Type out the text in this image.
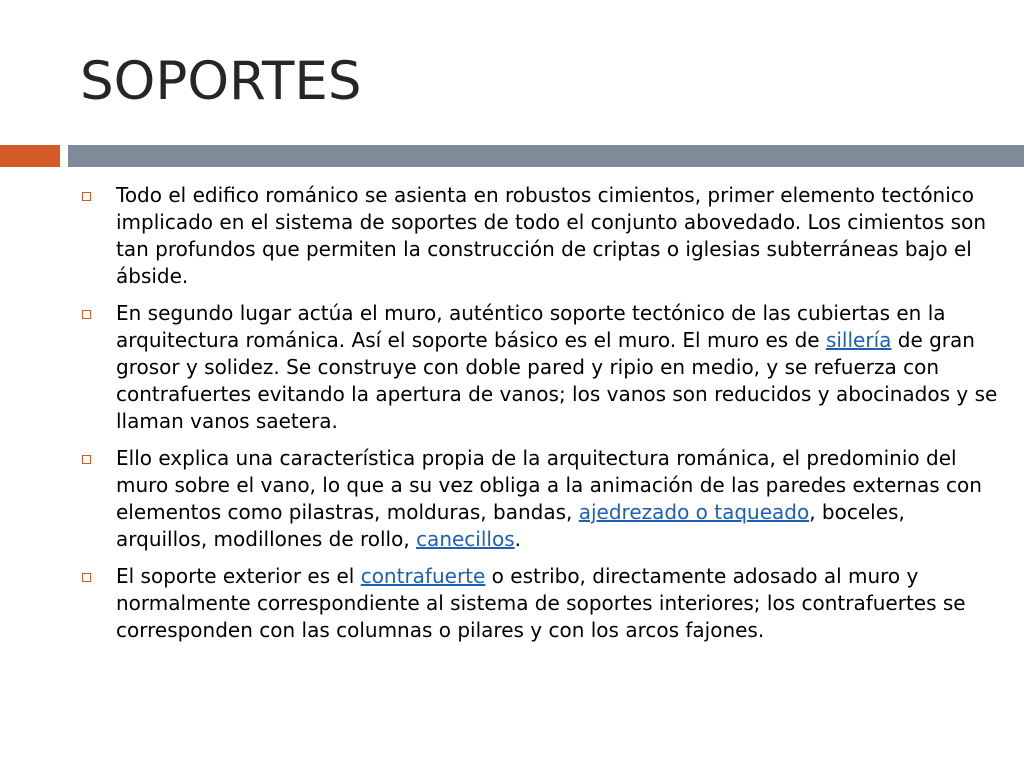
SOPORTES
Todo el edifico románico se asienta en robustos cimientos, primer elemento tectónico implicado en el sistema de soportes de todo el conjunto abovedado. Los cimientos son tan profundos que permiten la construcción de criptas o iglesias subterráneas bajo el ábside.
En segundo lugar actúa el muro, auténtico soporte tectónico de las cubiertas en la arquitectura románica. Así el soporte básico es el muro. El muro es de sillería de gran grosor y solidez. Se construye con doble pared y ripio en medio, y se refuerza con contrafuertes evitando la apertura de vanos; los vanos son reducidos y abocinados y se llaman vanos saetera.
Ello explica una característica propia de la arquitectura románica, el predominio del muro sobre el vano, lo que a su vez obliga a la animación de las paredes externas con elementos como pilastras, molduras, bandas, ajedrezado o taqueado, boceles, arquillos, modillones de rollo, canecillos.
El soporte exterior es el contrafuerte o estribo, directamente adosado al muro y normalmente correspondiente al sistema de soportes interiores; los contrafuertes se corresponden con las columnas o pilares y con los arcos fajones.
